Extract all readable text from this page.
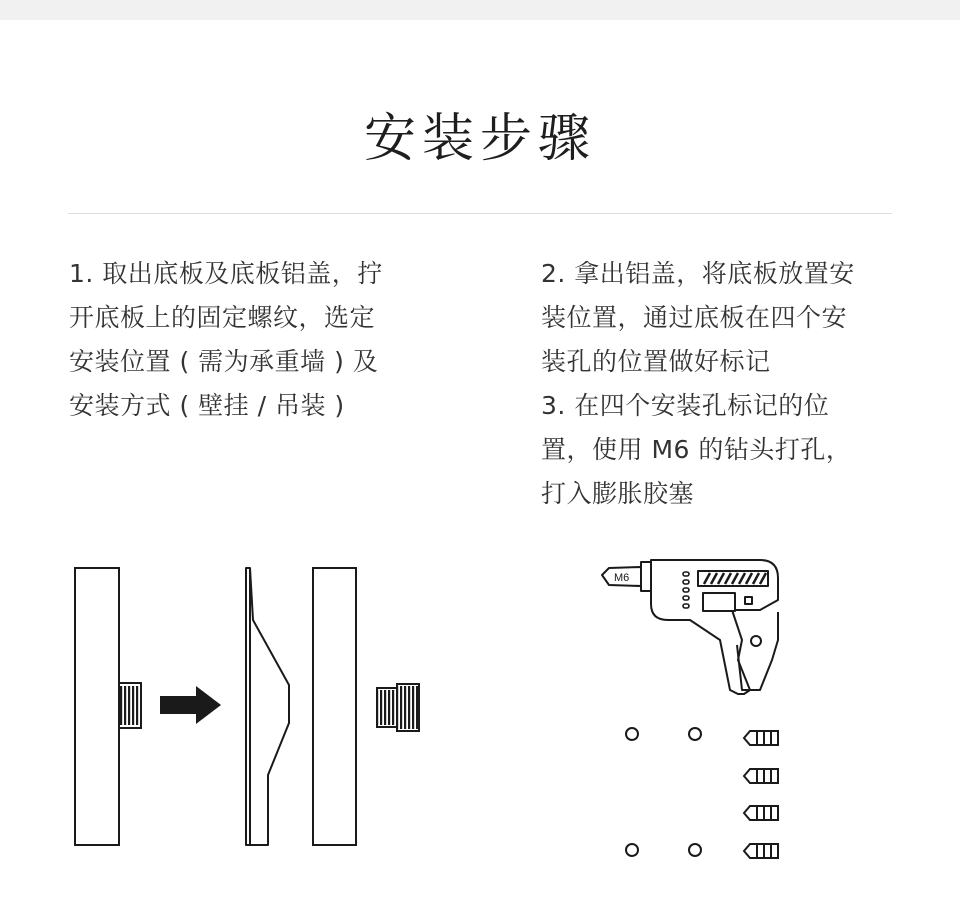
安装步骤
1. 取出底板及底板铝盖，拧
开底板上的固定螺纹，选定
安装位置 ( 需为承重墙 ) 及
安装方式 ( 壁挂 / 吊装 )
2. 拿出铝盖，将底板放置安
装位置，通过底板在四个安
装孔的位置做好标记
3. 在四个安装孔标记的位
置，使用 M6 的钻头打孔，
打入膨胀胶塞
M6
